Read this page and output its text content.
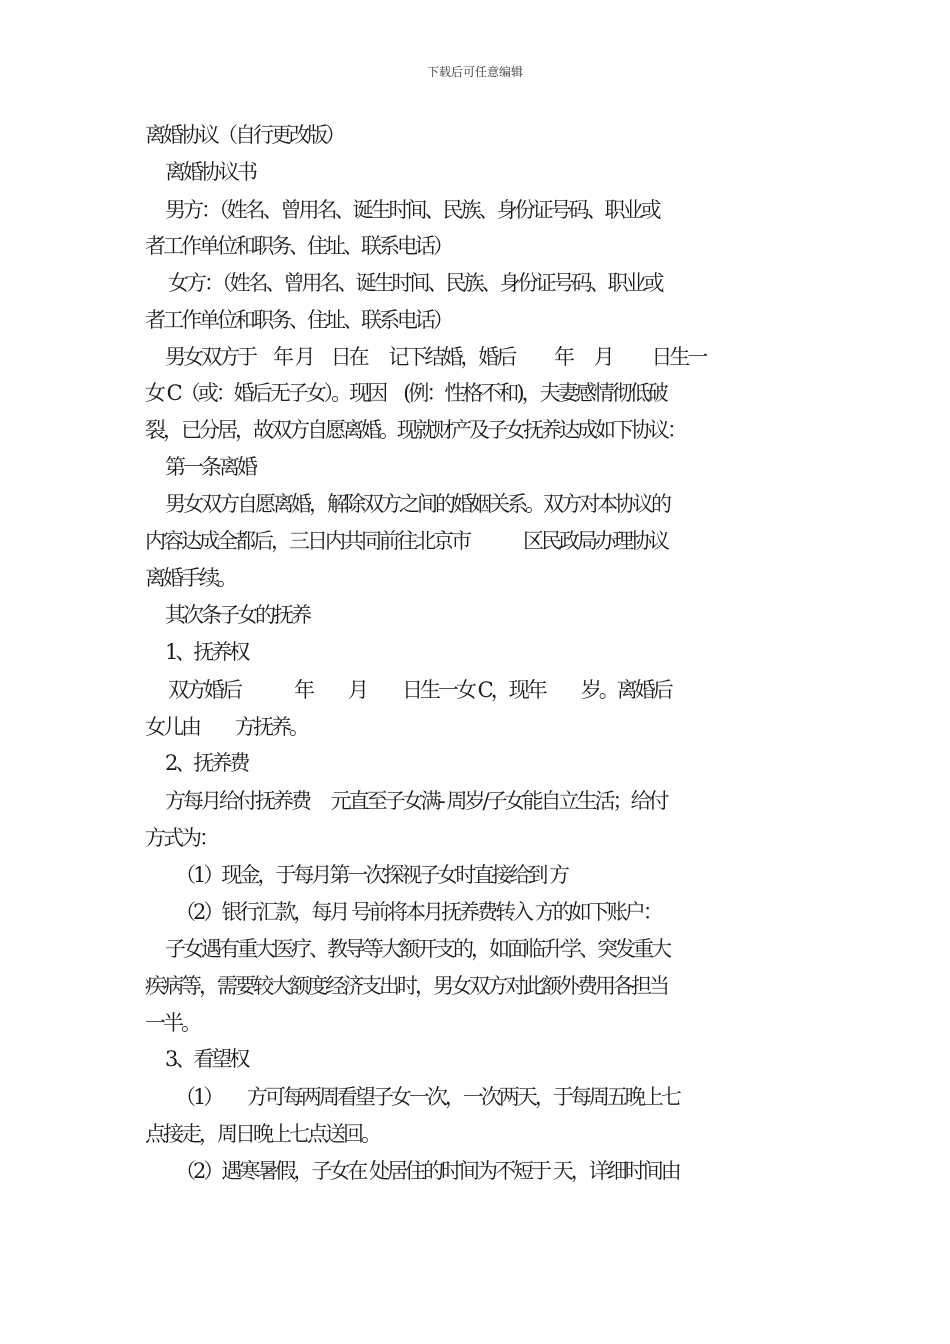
下载后可任意编辑
离婚协议（自行更改版）
离婚协议书
男方：（姓名、曾用名、诞生时间、民族、身份证号码、职业或
者工作单位和职务、住址、联系电话）
女方：（姓名、曾用名、诞生时间、民族、身份证号码、职业或
者工作单位和职务、住址、联系电话）
男女双方于　年 月　日在　 记下结婚，婚后　　 年　 月　　 日生一
女 C（或：婚后无子女）。现因　(例：性格不和)，夫妻感情彻低破
裂，已分居，故双方自愿离婚。现就财产及子女抚养达成如下协议：
第一条离婚
男女双方自愿离婚，解除双方之间的婚姻关系。双方对本协议的
内容达成全都后，三日内共同前往北京市　　　区民政局办理协议
离婚手续。
其次条子女的抚养
1、抚养权
双方婚后　　　年　　月　　日生一女 C，现年　　岁。离婚后
女儿由　　方抚养。
2、抚养费
方每月给付抚养费　 元直至子女满- 周岁/子女能自立生活；给付
方式为：
（1）现金，于每月第一次探视子女时直接给到 方
（2）银行汇款，每月 号前将本月抚养费转入 方的如下账户：
子女遇有重大医疗、教导等大额开支的，如面临升学、突发重大
疾病等，需要较大额度经济支出时，男女双方对此额外费用各担当
一半。
3、看望权
（1）　　方可每两周看望子女一次，一次两天，于每周五晚上七
点接走，周日晚上七点送回。
（2）遇寒暑假，子女在 处居住的时间为不短于 天，详细时间由
